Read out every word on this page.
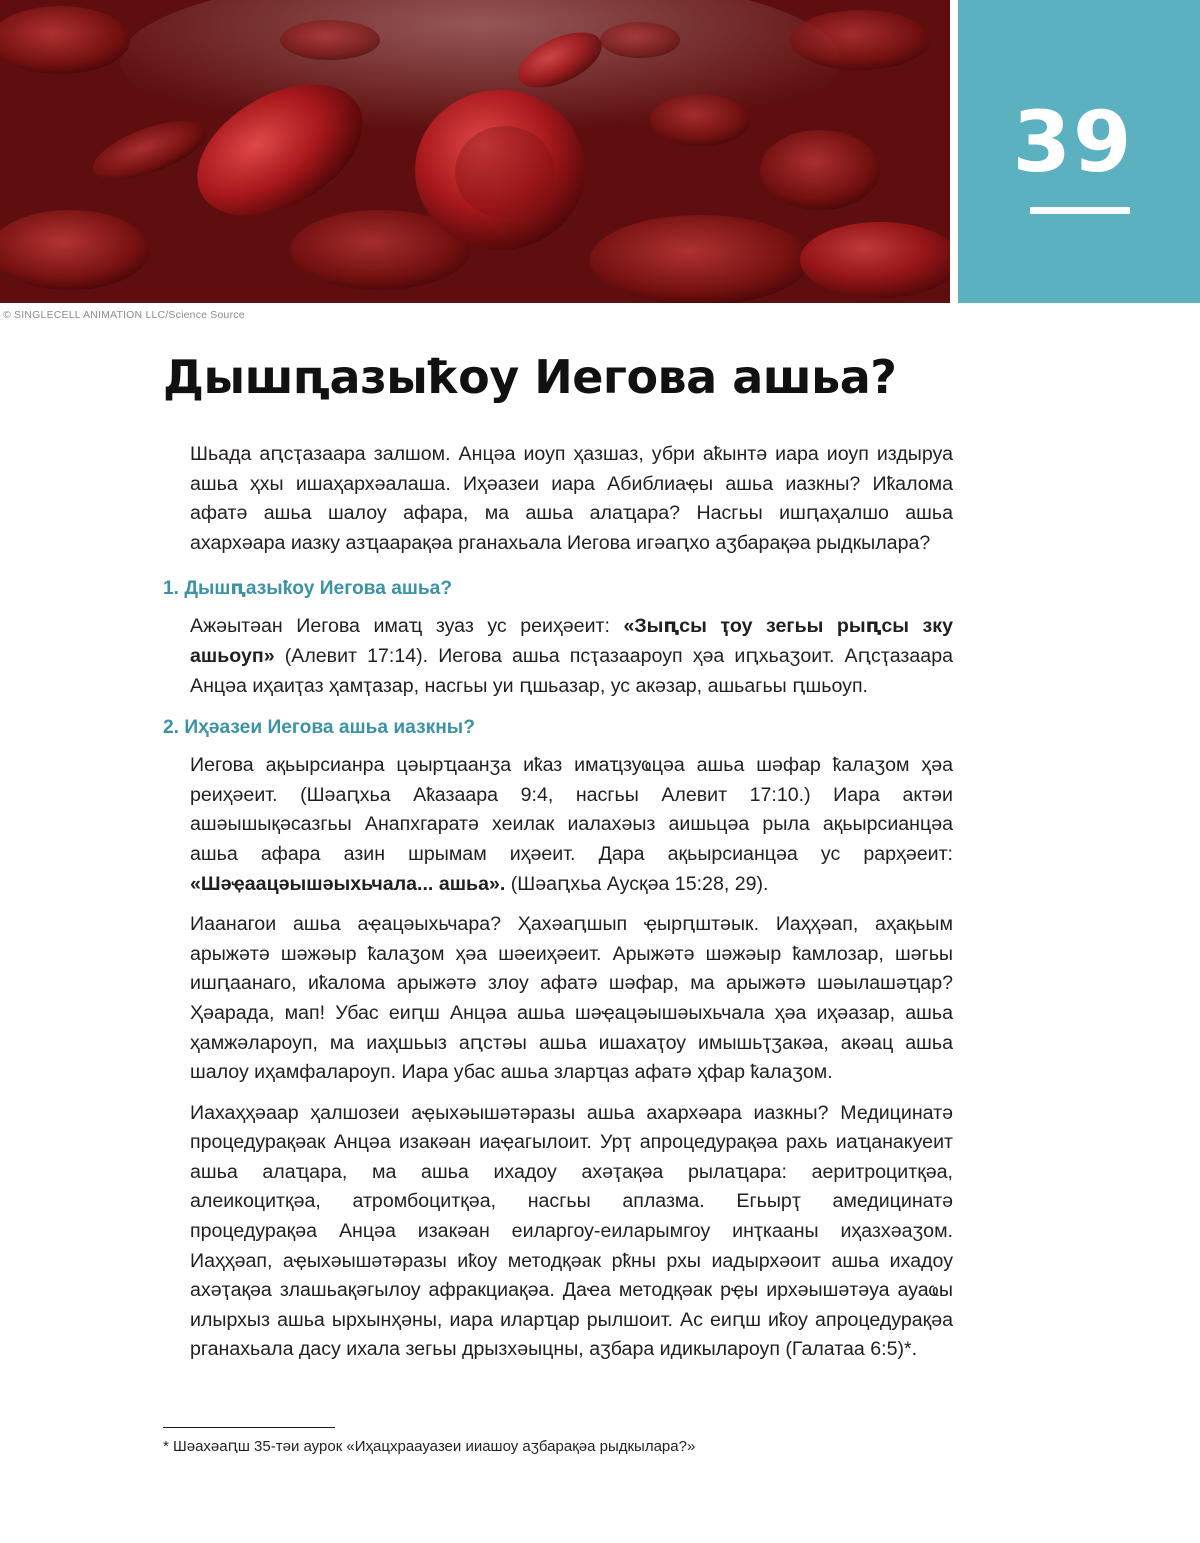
39
© SINGLECELL ANIMATION LLC/Science Source
Дышԥазыҟоу Иегова ашьа?

Шьада аԥсҭазаара залшом. Анцәа иоуп ҳазшаз, убри аҟынтә иара иоуп издыруа ашьа ҳхы ишаҳархәалаша. Иҳәазеи иара Абиблиаҿы ашьа иазкны? Иҟалома афатә ашьа шалоу афара, ма ашьа алаҵара? Насгьы ишԥаҳалшо ашьа ахархәара иазку азҵаарақәа рганахьала Иегова игәаԥхо аӡбарақәа рыдкылара?

1. Дышԥазыҟоу Иегова ашьа?

Ажәытәан Иегова имаҵ зуаз ус реиҳәеит: «Зыԥсы ҭоу зегьы рыԥсы зку ашьоуп» (Алевит 17:14). Иегова ашьа псҭазаароуп ҳәа иԥхьаӡоит. Аԥсҭазаара Анцәа иҳаиҭаз ҳамҭазар, насгьы уи ԥшьазар, ус акәзар, ашьагьы ԥшьоуп.

2. Иҳәазеи Иегова ашьа иазкны?

Иегова ақьырсианра цәырҵаанӡа иҟаз имаҵзуҩцәа ашьа шәфар ҟалаӡом ҳәа реиҳәеит. (Шәаԥхьа Аҟазаара 9:4, насгьы Алевит 17:10.) Иара актәи ашәышықәсазгьы Анапхгаратә хеилак иалахәыз аишьцәа рыла ақьырсианцәа ашьа афара азин шрымам иҳәеит. Дара ақьырсианцәа ус рарҳәеит: «Шәҿаацәышәыхьчала... ашьа». (Шәаԥхьа Аусқәа 15:28, 29).

Иаанагои ашьа аҿацәыхьчара? Ҳахәаԥшып ҿырԥштәык. Иаҳҳәап, аҳақьым арыжәтә шәжәыр ҟалаӡом ҳәа шәеиҳәеит. Арыжәтә шәжәыр ҟамлозар, шәгьы ишԥаанаго, иҟалома арыжәтә злоу афатә шәфар, ма арыжәтә шәылашәҵар? Ҳәарада, мап! Убас еиԥш Анцәа ашьа шәҿацәышәыхьчала ҳәа иҳәазар, ашьа ҳамжәлароуп, ма иаҳшьыз аԥстәы ашьа ишахаҭоу имышьҭӡакәа, акәац ашьа шалоу иҳамфалароуп. Иара убас ашьа зларҵаз афатә ҳфар ҟалаӡом.

Иахаҳҳәаар ҳалшозеи аҿыхәышәтәразы ашьа ахархәара иазкны? Медицинатә процедурақәак Анцәа изакәан иаҿагылоит. Урҭ апроцедурақәа рахь иаҵанакуеит ашьа алаҵара, ма ашьа ихадоу ахәҭақәа рылаҵара: аеритроцитқәа, алеикоцитқәа, атромбоцитқәа, насгьы аплазма. Егьырҭ амедицинатә процедурақәа Анцәа изакәан еиларгоу-еиларымгоу инҭкааны иҳазхәаӡом. Иаҳҳәап, аҿыхәышәтәразы иҟоу методқәак рҟны рхы иадырхәоит ашьа ихадоу ахәҭақәа злашьақәгылоу афракциақәа. Даҽа методқәак рҿы ирхәышәтәуа ауаҩы илырхыз ашьа ырхынҳәны, иара иларҵар рылшоит. Ас еиԥш иҟоу апроцедурақәа рганахьала дасу ихала зегьы дрызхәыцны, аӡбара идикылароуп (Галатаа 6:5)*.

* Шәахәаԥш 35-тәи аурок «Иҳацхраауазеи ииашоу аӡбарақәа рыдкылара?»
